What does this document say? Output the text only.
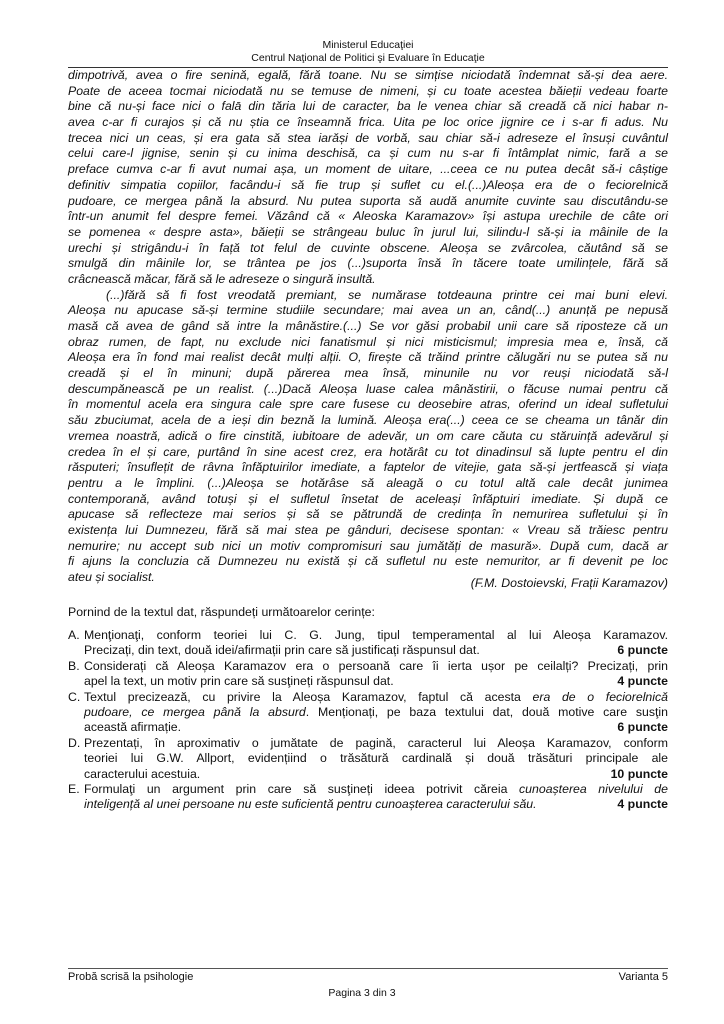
Ministerul Educaţiei
Centrul Naţional de Politici şi Evaluare în Educaţie
dimpotrivă, avea o fire senină, egală, fără toane. Nu se simțise niciodată îndemnat să-și dea aere.
Poate de aceea tocmai niciodată nu se temuse de nimeni, și cu toate acestea băieții vedeau foarte
bine că nu-și face nici o falā din tăria lui de caracter, ba le venea chiar să creadă că nici habar n-
avea c-ar fi curajos și că nu știa ce înseamnă frica. Uita pe loc orice jignire ce i s-ar fi adus. Nu
trecea nici un ceas, și era gata să stea iarăși de vorbă, sau chiar să-i adreseze el însuși cuvântul
celui care-l jignise, senin și cu inima deschisă, ca și cum nu s-ar fi întâmplat nimic, fară a se
preface cumva c-ar fi avut numai așa, un moment de uitare, ...ceea ce nu putea decât să-i câștige
definitiv simpatia copiilor, facându-i să fie trup și suflet cu el.(...)Aleoșa era de o feciorelnică
pudoare, ce mergea până la absurd. Nu putea suporta să audă anumite cuvinte sau discutându-se
într-un anumit fel despre femei. Văzând că « Aleoska Karamazov» își astupa urechile de câte ori
se pomenea « despre asta», băieții se strângeau buluc în jurul lui, silindu-l să-și ia mâinile de la
urechi și strigându-i în față tot felul de cuvinte obscene. Aleoșa se zvârcolea, căutând să se
smulgă din mâinile lor, se trântea pe jos (...)suporta însă în tăcere toate umilințele, fără să
crâcnească măcar, fără să le adreseze o singură insultă.
(...)fără să fi fost vreodată premiant, se numărase totdeauna printre cei mai buni elevi.
Aleoșa nu apucase să-și termine studiile secundare; mai avea un an, când(...) anunță pe nepusă
masă că avea de gând să intre la mânăstire.(...) Se vor găsi probabil unii care să riposteze că un
obraz rumen, de fapt, nu exclude nici fanatismul și nici misticismul; impresia mea e, însă, că
Aleoșa era în fond mai realist decât mulți alții. O, firește că trăind printre călugări nu se putea să nu
creadă și el în minuni; după părerea mea însă, minunile nu vor reuși niciodată să-l
descumpănească pe un realist. (...)Dacă Aleoșa luase calea mânăstirii, o făcuse numai pentru că
în momentul acela era singura cale spre care fusese cu deosebire atras, oferind un ideal sufletului
său zbuciumat, acela de a ieși din beznă la lumină. Aleoșa era(...) ceea ce se cheama un tânăr din
vremea noastră, adică o fire cinstită, iubitoare de adevăr, un om care căuta cu stăruință adevărul și
credea în el și care, purtând în sine acest crez, era hotărât cu tot dinadinsul să lupte pentru el din
răsputeri; însuflețit de râvna înfăptuirilor imediate, a faptelor de vitejie, gata să-și jertfească și viața
pentru a le împlini. (...)Aleoșa se hotărâse să aleagă o cu totul altă cale decât junimea
contemporană, având totuși și el sufletul însetat de aceleași înfăptuiri imediate. Și după ce
apucase să reflecteze mai serios și să se pătrundă de credința în nemurirea sufletului și în
existența lui Dumnezeu, fără să mai stea pe gânduri, decisese spontan: « Vreau să trăiesc pentru
nemurire; nu accept sub nici un motiv compromisuri sau jumătăți de masură». După cum, dacă ar
fi ajuns la concluzia că Dumnezeu nu există și că sufletul nu este nemuritor, ar fi devenit pe loc
ateu și socialist.	(F.M. Dostoievski, Frații Karamazov)
Pornind de la textul dat, răspundeți următoarelor cerințe:
A. Menţionaţi, conform teoriei lui C. G. Jung, tipul temperamental al lui Aleoșa Karamazov.
Precizați, din text, două idei/afirmații prin care să justificați răspunsul dat.	6 puncte
B. Considerați că Aleoșa Karamazov era o persoană care îi ierta ușor pe ceilalți? Precizați, prin
apel la text, un motiv prin care să susţineți răspunsul dat.	4 puncte
C. Textul precizează, cu privire la Aleoșa Karamazov, faptul că acesta era de o feciorelnică
pudoare, ce mergea până la absurd. Menționați, pe baza textului dat, două motive care susţin
această afirmație.	6 puncte
D. Prezentați, în aproximativ o jumătate de pagină, caracterul lui Aleoșa Karamazov, conform
teoriei lui G.W. Allport, evidențiind o trăsătură cardinală și două trăsături principale ale
caracterului acestuia.	10 puncte
E. Formulaţi un argument prin care să susţineți ideea potrivit căreia cunoașterea nivelului de
inteligență al unei persoane nu este suficientă pentru cunoașterea caracterului său.	4 puncte
Probă scrisă la psihologie	Varianta 5
Pagina 3 din 3
